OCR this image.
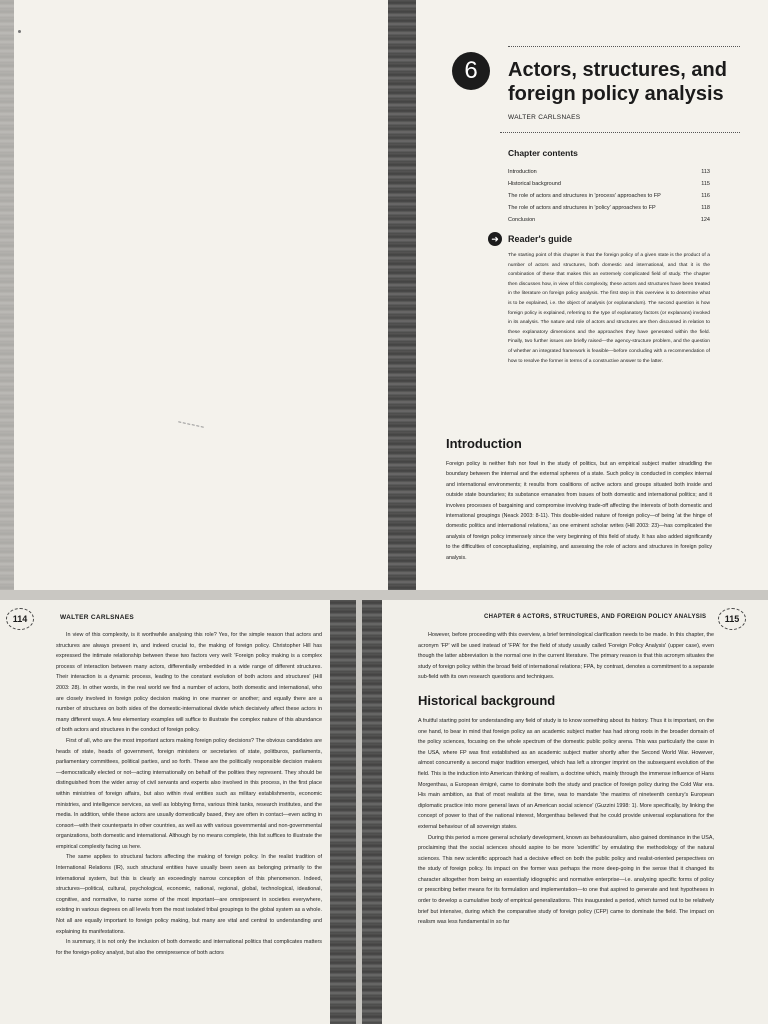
6 Actors, structures, and
foreign policy analysis
WALTER CARLSNAES
Chapter contents
Introduction	113
Historical background	115
The role of actors and structures in 'process' approaches to FP	116
The role of actors and structures in 'policy' approaches to FP	118
Conclusion	124
➜	Reader's guide
The starting point of this chapter is that the foreign policy of a given state is the product of a number of actors and structures, both domestic and international, and that it is the combination of these that makes this an extremely complicated field of study. The chapter then discusses how, in view of this complexity, these actors and structures have been treated in the literature on foreign policy analysis. The first step in this overview is to determine what is to be explained, i.e. the object of analysis (or explanandum). The second question is how foreign policy is explained, referring to the type of explanatory factors (or explanans) invoked in its analysis. The nature and role of actors and structures are then discussed in relation to these explanatory dimensions and the approaches they have generated within the field. Finally, two further issues are briefly raised—the agency-structure problem, and the question of whether an integrated framework is feasible—before concluding with a recommendation of how to resolve the former in terms of a constructive answer to the latter.
Introduction
Foreign policy is neither fish nor fowl in the study of politics, but an empirical subject matter straddling the boundary between the internal and the external spheres of a state. Such policy is conducted in complex internal and international environments; it results from coalitions of active actors and groups situated both inside and outside state boundaries; its substance emanates from issues of both domestic and international politics; and it involves processes of bargaining and compromise involving trade-off affecting the interests of both domestic and international groupings (Neack 2003: 8-11). This double-sided nature of foreign policy—of being 'at the hinge of domestic politics and international relations,' as one eminent scholar writes (Hill 2003: 23)—has complicated the analysis of foreign policy immensely since the very beginning of this field of study. It has also added significantly to the difficulties of conceptualizing, explaining, and assessing the role of actors and structures in foreign policy analysis.
114	WALTER CARLSNAES
In view of this complexity, is it worthwhile analysing this role? Yes, for the simple reason that actors and structures are always present in, and indeed crucial to, the making of foreign policy. Christopher Hill has expressed the intimate relationship between these two factors very well: 'Foreign policy making is a complex process of interaction between many actors, differentially embedded in a wide range of different structures. Their interaction is a dynamic process, leading to the constant evolution of both actors and structures' (Hill 2003: 28). In other words, in the real world we find a number of actors, both domestic and international, who are closely involved in foreign policy decision making in one manner or another; and equally there are a number of structures on both sides of the domestic-international divide which decisively affect these actors in many different ways. A few elementary examples will suffice to illustrate the complex nature of this abundance of both actors and structures in the conduct of foreign policy.
First of all, who are the most important actors making foreign policy decisions? The obvious candidates are heads of state, heads of government, foreign ministers or secretaries of state, politburos, parliaments, parliamentary committees, political parties, and so forth. These are the politically responsible decision makers—democratically elected or not—acting internationally on behalf of the polities they represent. They should be distinguished from the wider array of civil servants and experts also involved in this process, in the first place within ministries of foreign affairs, but also within rival entities such as military establishments, economic ministries, and intelligence services, as well as lobbying firms, various think tanks, research institutes, and the media. In addition, while these actors are usually domestically based, they are often in contact—even acting in consort—with their counterparts in other countries, as well as with various governmental and non-governmental organizations, both domestic and international. Although by no means complete, this list suffices to illustrate the empirical complexity facing us here.
The same applies to structural factors affecting the making of foreign policy. In the realist tradition of International Relations (IR), such structural entities have usually been seen as belonging primarily to the international system, but this is clearly an exceedingly narrow conception of this phenomenon. Indeed, structures—political, cultural, psychological, economic, national, regional, global, technological, ideational, cognitive, and normative, to name some of the most important—are omnipresent in societies everywhere, existing in various degrees on all levels from the most isolated tribal groupings to the global system as a whole. Not all are equally important to foreign policy making, but many are vital and central to understanding and explaining its manifestations.
In summary, it is not only the inclusion of both domestic and international politics that complicates matters for the foreign-policy analyst, but also the omnipresence of both actors
CHAPTER 6 ACTORS, STRUCTURES, AND FOREIGN POLICY ANALYSIS 115
However, before proceeding with this overview, a brief terminological clarification needs to be made. In this chapter, the acronym 'FP' will be used instead of 'FPA' for the field of study usually called 'Foreign Policy Analysis' (upper case), even though the latter abbreviation is the normal one in the current literature. The primary reason is that this acronym situates the study of foreign policy within the broad field of international relations; FPA, by contrast, denotes a commitment to a separate sub-field with its own research questions and techniques.
Historical background
A fruitful starting point for understanding any field of study is to know something about its history. Thus it is important, on the one hand, to bear in mind that foreign policy as an academic subject matter has had strong roots in the broader domain of the policy sciences, focusing on the whole spectrum of the domestic public policy arena. This was particularly the case in the USA, where FP was first established as an academic subject matter shortly after the Second World War. However, almost concurrently a second major tradition emerged, which has left a stronger imprint on the subsequent evolution of the field. This is the induction into American thinking of realism, a doctrine which, mainly through the immense influence of Hans Morgenthau, a European émigré, came to dominate both the study and practice of foreign policy during the Cold War era. His main ambition, as that of most realists at the time, was to mandate 'the maxims of nineteenth century's European diplomatic practice into more general laws of an American social science' (Guzzini 1998: 1). More specifically, by linking the concept of power to that of the national interest, Morgenthau believed that he could provide universal explanations for the external behaviour of all sovereign states.
During this period a more general scholarly development, known as behaviouralism, also gained dominance in the USA, proclaiming that the social sciences should aspire to be more 'scientific' by emulating the methodology of the natural sciences. This new scientific approach had a decisive effect on both the public policy and realist-oriented perspectives on the study of foreign policy. Its impact on the former was perhaps the more deep-going in the sense that it changed its character altogether from being an essentially idiographic and normative enterprise—i.e. analysing specific forms of policy or prescribing better means for its formulation and implementation—to one that aspired to generate and test hypotheses in order to develop a cumulative body of empirical generalizations. This inaugurated a period, which turned out to be relatively brief but intensive, during which the comparative study of foreign policy (CFP) came to dominate the field. The impact on realism was less fundamental in so far
